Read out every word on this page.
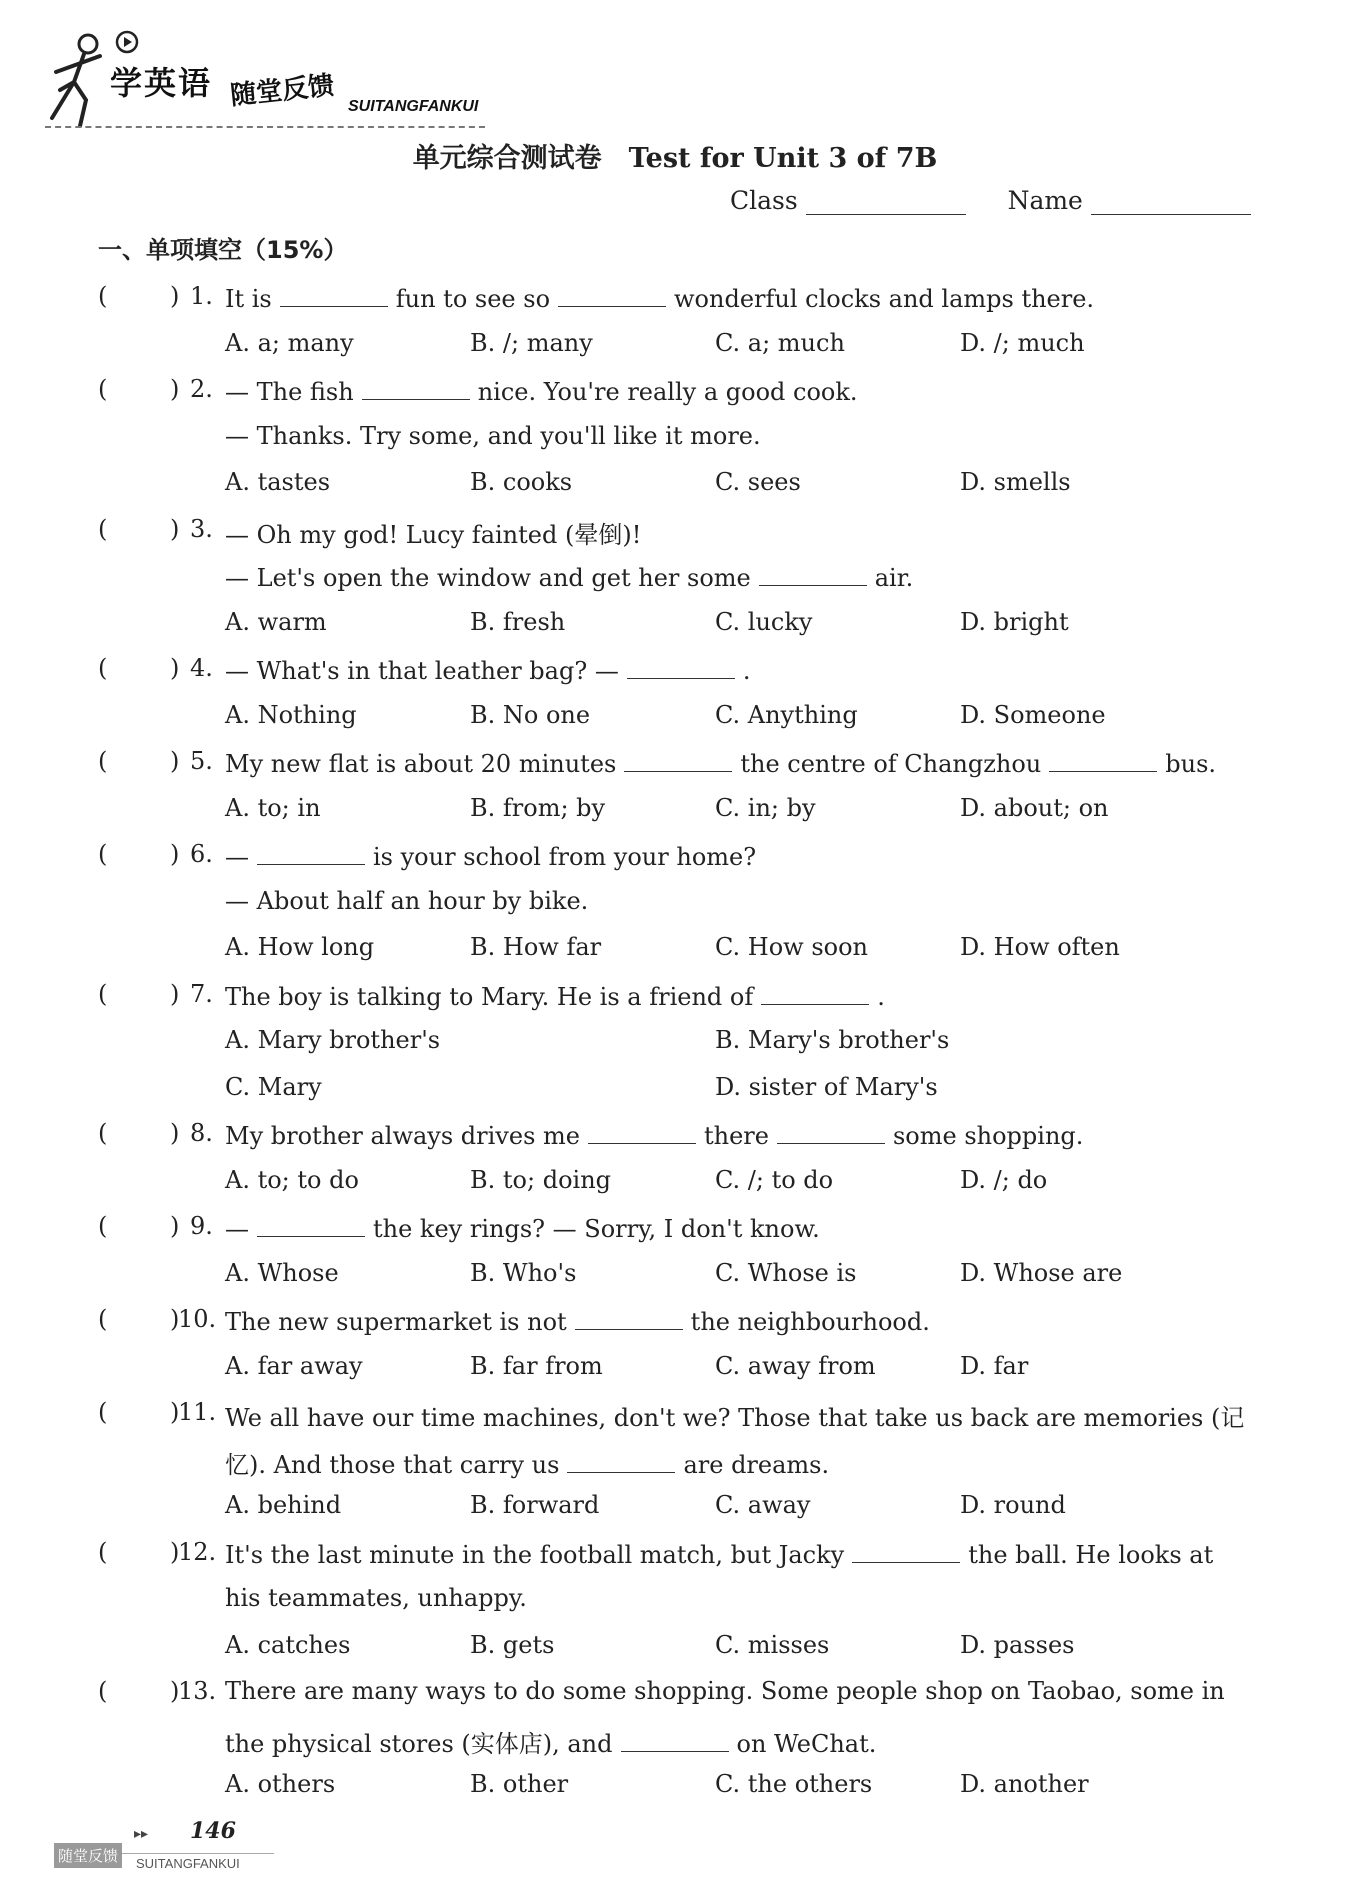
学英语 随堂反馈 SUITANGFANKUI
单元综合测试卷　Test for Unit 3 of 7B
Class	Name
一、单项填空（15%）
(	) 1. It is	fun to see so	wonderful clocks and lamps there.
A. a; many	B. /; many	C. a; much	D. /; much
(	) 2. — The fish	nice. You're really a good cook.
— Thanks. Try some, and you'll like it more.
A. tastes	B. cooks	C. sees	D. smells
(	) 3. — Oh my god! Lucy fainted (晕倒)!
— Let's open the window and get her some	air.
A. warm	B. fresh	C. lucky	D. bright
(	) 4. — What's in that leather bag? —	.
A. Nothing	B. No one	C. Anything	D. Someone
(	) 5. My new flat is about 20 minutes	the centre of Changzhou	bus.
A. to; in	B. from; by	C. in; by	D. about; on
(	) 6. —	is your school from your home?
— About half an hour by bike.
A. How long	B. How far	C. How soon	D. How often
(	) 7. The boy is talking to Mary. He is a friend of	.
A. Mary brother's	B. Mary's brother's
C. Mary	D. sister of Mary's
(	) 8. My brother always drives me	there	some shopping.
A. to; to do	B. to; doing	C. /; to do	D. /; do
(	) 9. —	the key rings? — Sorry, I don't know.
A. Whose	B. Who's	C. Whose is	D. Whose are
(	)
10. The new supermarket is not	the neighbourhood.
A. far away	B. far from	C. away from	D. far
(	)
11. We all have our time machines, don't we? Those that take us back are memories (记
忆). And those that carry us	are dreams.
A. behind	B. forward	C. away	D. round
(	)
12. It's the last minute in the football match, but Jacky	the ball. He looks at
his teammates, unhappy.
A. catches	B. gets	C. misses	D. passes
(	)
13. There are many ways to do some shopping. Some people shop on Taobao, some in
the physical stores (实体店), and	on WeChat.
A. others	B. other	C. the others	D. another
▸▸ 146
随堂反馈	SUITANGFANKUI
